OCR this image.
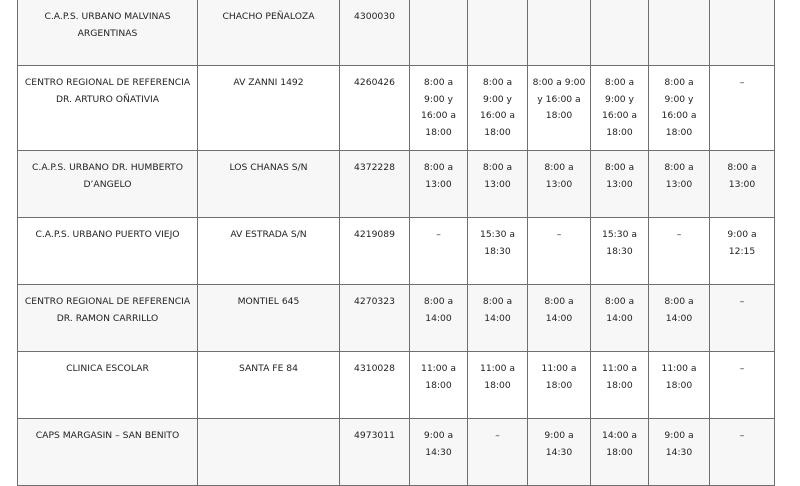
C.A.P.S. URBANO MALVINAS ARGENTINAS	CHACHO PEÑALOZA	4300030						

CENTRO REGIONAL DE REFERENCIA DR. ARTURO OÑATIVIA	AV ZANNI 1492	4260426	8:00 a 9:00 y 16:00 a 18:00	8:00 a 9:00 y 16:00 a 18:00	8:00 a 9:00 y 16:00 a 18:00	8:00 a 9:00 y 16:00 a 18:00	8:00 a 9:00 y 16:00 a 18:00	–

C.A.P.S. URBANO DR. HUMBERTO D’ANGELO	LOS CHANAS S/N	4372228	8:00 a 13:00	8:00 a 13:00	8:00 a 13:00	8:00 a 13:00	8:00 a 13:00	8:00 a 13:00

C.A.P.S. URBANO PUERTO VIEJO	AV ESTRADA S/N	4219089	–	15:30 a 18:30	–	15:30 a 18:30	–	9:00 a 12:15

CENTRO REGIONAL DE REFERENCIA DR. RAMON CARRILLO	MONTIEL 645	4270323	8:00 a 14:00	8:00 a 14:00	8:00 a 14:00	8:00 a 14:00	8:00 a 14:00	–

CLINICA ESCOLAR	SANTA FE 84	4310028	11:00 a 18:00	11:00 a 18:00	11:00 a 18:00	11:00 a 18:00	11:00 a 18:00	–

CAPS MARGASIN – SAN BENITO		4973011	9:00 a 14:30	–	9:00 a 14:30	14:00 a 18:00	9:00 a 14:30	–
